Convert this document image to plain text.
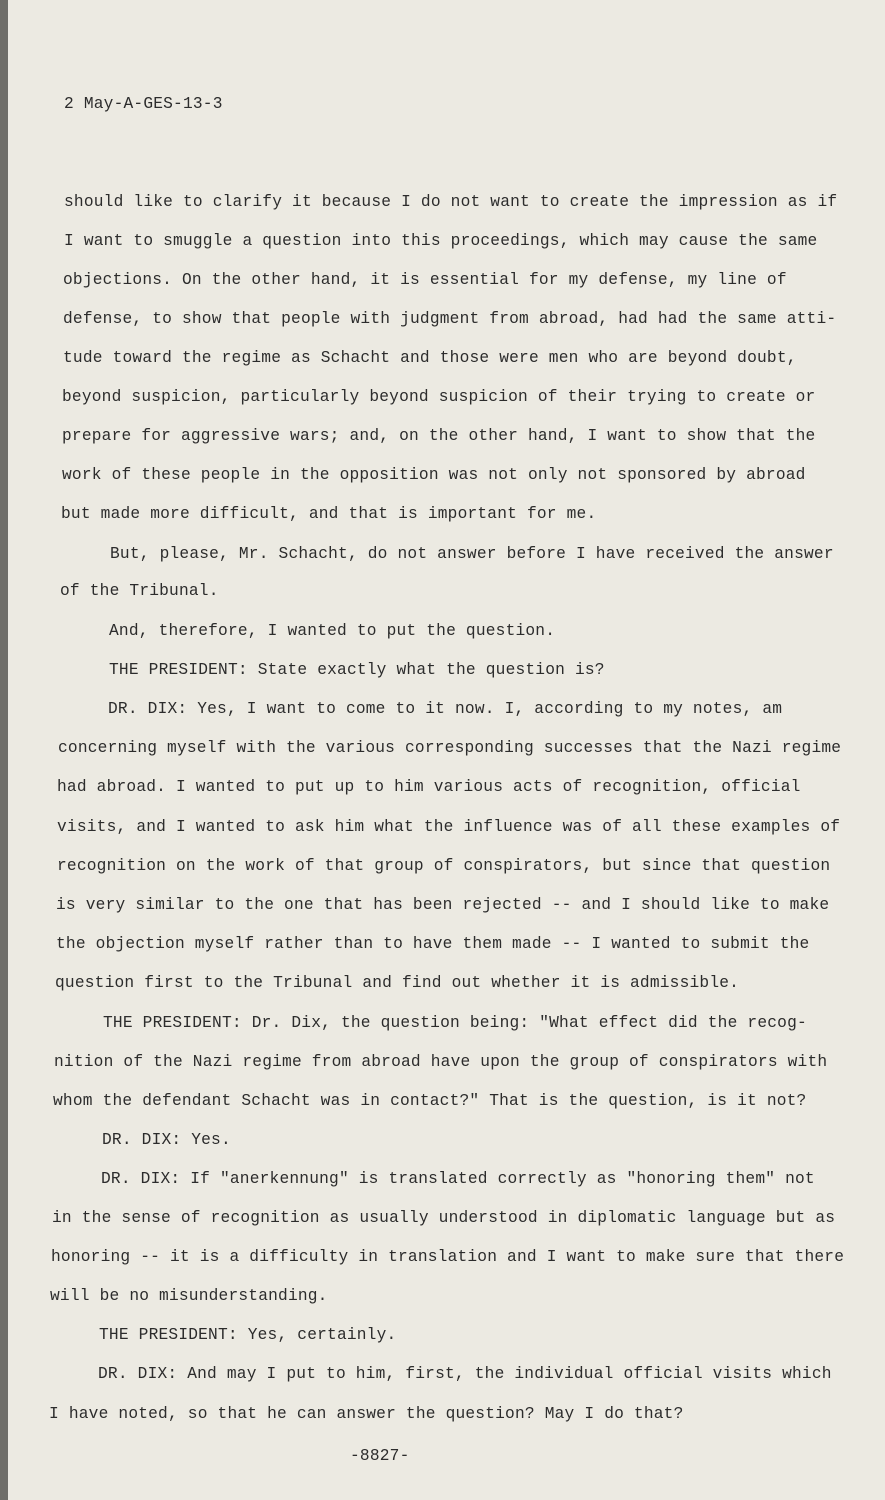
2 May-A-GES-13-3

should like to clarify it because I do not want to create the impression as if

I want to smuggle a question into this proceedings, which may cause the same

objections. On the other hand, it is essential for my defense, my line of

defense, to show that people with judgment from abroad, had had the same atti-

tude toward the regime as Schacht and those were men who are beyond doubt,

beyond suspicion, particularly beyond suspicion of their trying to create or

prepare for aggressive wars; and, on the other hand, I want to show that the

work of these people in the opposition was not only not sponsored by abroad

but made more difficult, and that is important for me.

But, please, Mr. Schacht, do not answer before I have received the answer

of the Tribunal.

And, therefore, I wanted to put the question.

THE PRESIDENT: State exactly what the question is?

DR. DIX: Yes, I want to come to it now. I, according to my notes, am

concerning myself with the various corresponding successes that the Nazi regime

had abroad. I wanted to put up to him various acts of recognition, official

visits, and I wanted to ask him what the influence was of all these examples of

recognition on the work of that group of conspirators, but since that question

is very similar to the one that has been rejected -- and I should like to make

the objection myself rather than to have them made -- I wanted to submit the

question first to the Tribunal and find out whether it is admissible.

THE PRESIDENT: Dr. Dix, the question being: "What effect did the recog-

nition of the Nazi regime from abroad have upon the group of conspirators with

whom the defendant Schacht was in contact?" That is the question, is it not?

DR. DIX: Yes.

DR. DIX: If "anerkennung" is translated correctly as "honoring them" not

in the sense of recognition as usually understood in diplomatic language but as

honoring -- it is a difficulty in translation and I want to make sure that there

will be no misunderstanding.

THE PRESIDENT: Yes, certainly.

DR. DIX: And may I put to him, first, the individual official visits which

I have noted, so that he can answer the question? May I do that?

-8827-
